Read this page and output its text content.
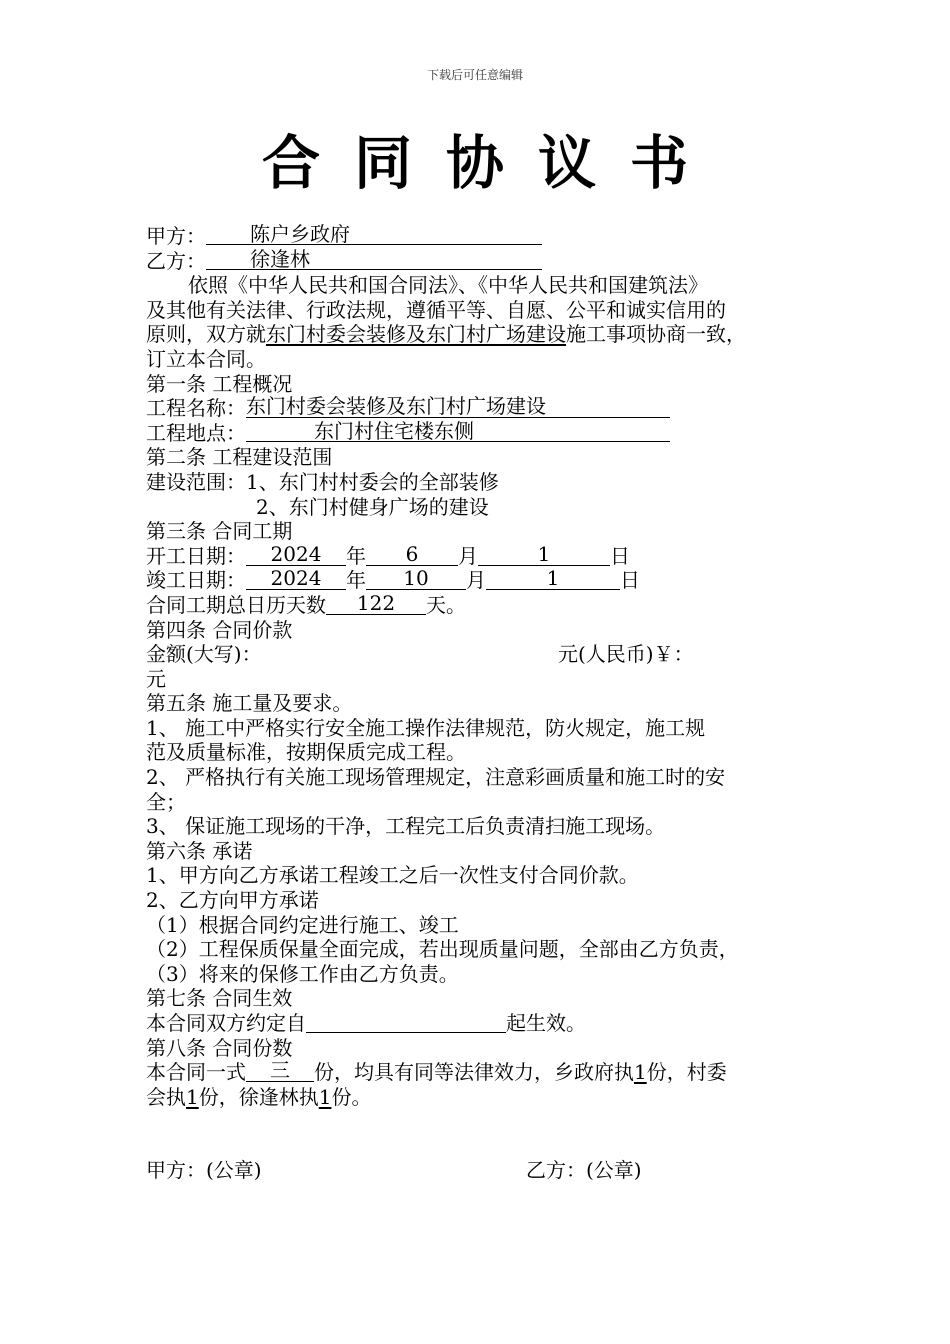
下载后可任意编辑
合同协议书
甲方： 陈户乡政府
乙方： 徐逢林
依照《中华人民共和国合同法》、《中华人民共和国建筑法》
及其他有关法律、行政法规，遵循平等、自愿、公平和诚实信用的
原则，双方就东门村委会装修及东门村广场建设施工事项协商一致，
订立本合同。
第一条 工程概况
工程名称：东门村委会装修及东门村广场建设
工程地点：	东门村住宅楼东侧
第二条 工程建设范围
建设范围：1、东门村村委会的全部装修
2、东门村健身广场的建设
第三条 合同工期
开工日期： 2024 年 6 月	1	日
竣工日期： 2024 年 10 月	1	日
合同工期总日历天数 122 天。
第四条 合同价款
金额(大写)：	元(人民币)￥：
元
第五条 施工量及要求。
1、 施工中严格实行安全施工操作法律规范，防火规定，施工规
范及质量标准，按期保质完成工程。
2、 严格执行有关施工现场管理规定，注意彩画质量和施工时的安
全；
3、 保证施工现场的干净，工程完工后负责清扫施工现场。
第六条 承诺
1、甲方向乙方承诺工程竣工之后一次性支付合同价款。
2、乙方向甲方承诺
（1）根据合同约定进行施工、竣工
（2）工程保质保量全面完成，若出现质量问题，全部由乙方负责，
（3）将来的保修工作由乙方负责。
第七条 合同生效
本合同双方约定自	起生效。
第八条 合同份数
本合同一式 三 份，均具有同等法律效力，乡政府执1份，村委
会执1份，徐逢林执1份。
甲方：(公章)	乙方：(公章)
